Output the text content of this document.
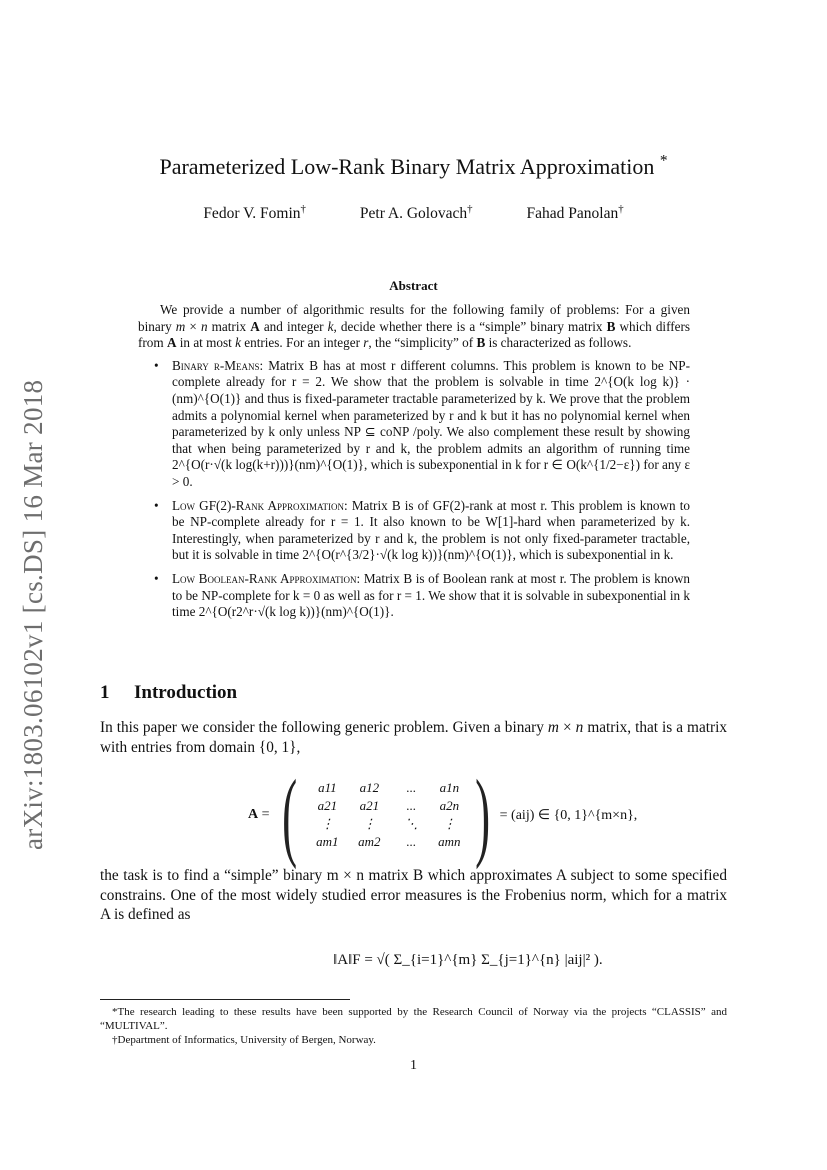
arXiv:1803.06102v1 [cs.DS] 16 Mar 2018
Parameterized Low-Rank Binary Matrix Approximation *
Fedor V. Fomin†	Petr A. Golovach†	Fahad Panolan†
Abstract

We provide a number of algorithmic results for the following family of problems: For a given binary m × n matrix A and integer k, decide whether there is a “simple” binary matrix B which differs from A in at most k entries. For an integer r, the “simplicity” of B is characterized as follows.

• Binary r-Means: Matrix B has at most r different columns. This problem is known to be NP-complete already for r = 2. We show that the problem is solvable in time 2^{O(k log k)} · (nm)^{O(1)} and thus is fixed-parameter tractable parameterized by k. We prove that the problem admits a polynomial kernel when parameterized by r and k but it has no polynomial kernel when parameterized by k only unless NP ⊆ coNP /poly. We also complement these result by showing that when being parameterized by r and k, the problem admits an algorithm of running time 2^{O(r·√(k log(k+r)))}(nm)^{O(1)}, which is subexponential in k for r ∈ O(k^{1/2−ε}) for any ε > 0.
• Low GF(2)-Rank Approximation: Matrix B is of GF(2)-rank at most r. This problem is known to be NP-complete already for r = 1. It also known to be W[1]-hard when parameterized by k. Interestingly, when parameterized by r and k, the problem is not only fixed-parameter tractable, but it is solvable in time 2^{O(r^{3/2}·√(k log k))}(nm)^{O(1)}, which is subexponential in k.
• Low Boolean-Rank Approximation: Matrix B is of Boolean rank at most r. The problem is known to be NP-complete for k = 0 as well as for r = 1. We show that it is solvable in subexponential in k time 2^{O(r2^r·√(k log k))}(nm)^{O(1)}.
1 Introduction
In this paper we consider the following generic problem. Given a binary m × n matrix, that is a matrix with entries from domain {0, 1},
A = (	a11	a12	...	a1n
a21	a21	...	a2n
⋮	⋮	⋱	⋮
am1	am2	...	amn ) = (aij) ∈ {0, 1}^{m×n},
the task is to find a “simple” binary m × n matrix B which approximates A subject to some specified constrains. One of the most widely studied error measures is the Frobenius norm, which for a matrix A is defined as
‖A‖F = √( Σ_{i=1}^{m} Σ_{j=1}^{n} |aij|² ).

*The research leading to these results have been supported by the Research Council of Norway via the projects “CLASSIS” and “MULTIVAL”.

†Department of Informatics, University of Bergen, Norway.

1
